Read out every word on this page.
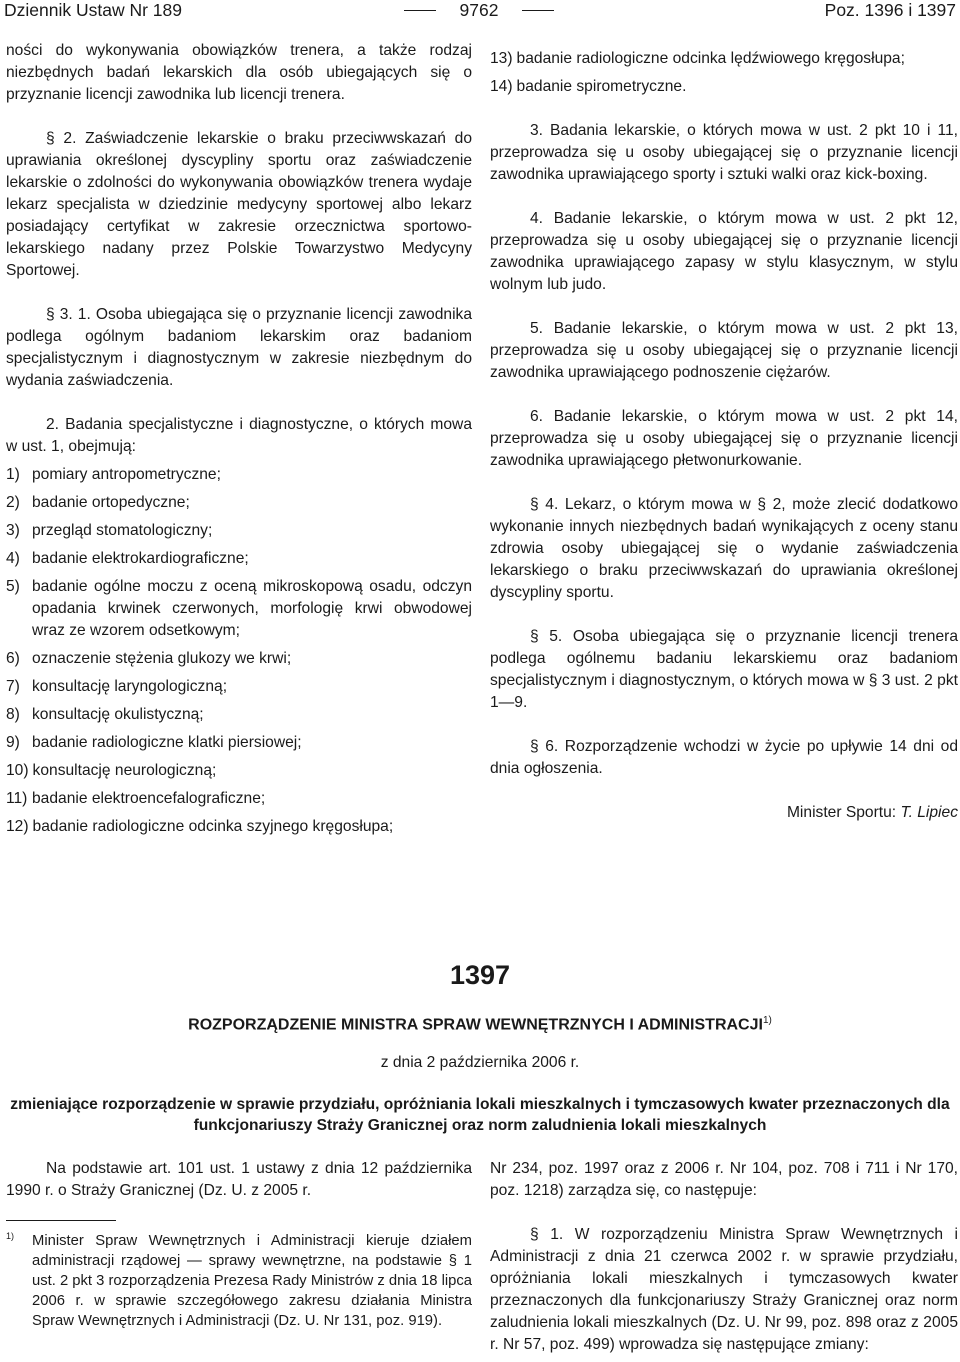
Dziennik Ustaw Nr 189	9762	Poz. 1396 i 1397
ności do wykonywania obowiązków trenera, a także rodzaj niezbędnych badań lekarskich dla osób ubiegających się o przyznanie licencji zawodnika lub licencji trenera.
§ 2. Zaświadczenie lekarskie o braku przeciwwskazań do uprawiania określonej dyscypliny sportu oraz zaświadczenie lekarskie o zdolności do wykonywania obowiązków trenera wydaje lekarz specjalista w dziedzinie medycyny sportowej albo lekarz posiadający certyfikat w zakresie orzecznictwa sportowo-lekarskiego nadany przez Polskie Towarzystwo Medycyny Sportowej.
§ 3. 1. Osoba ubiegająca się o przyznanie licencji zawodnika podlega ogólnym badaniom lekarskim oraz badaniom specjalistycznym i diagnostycznym w zakresie niezbędnym do wydania zaświadczenia.
2. Badania specjalistyczne i diagnostyczne, o których mowa w ust. 1, obejmują:
1) pomiary antropometryczne;
2) badanie ortopedyczne;
3) przegląd stomatologiczny;
4) badanie elektrokardiograficzne;
5) badanie ogólne moczu z oceną mikroskopową osadu, odczyn opadania krwinek czerwonych, morfologię krwi obwodowej wraz ze wzorem odsetkowym;
6) oznaczenie stężenia glukozy we krwi;
7) konsultację laryngologiczną;
8) konsultację okulistyczną;
9) badanie radiologiczne klatki piersiowej;
10) konsultację neurologiczną;
11) badanie elektroencefalograficzne;
12) badanie radiologiczne odcinka szyjnego kręgosłupa;
13) badanie radiologiczne odcinka lędźwiowego kręgosłupa;
14) badanie spirometryczne.
3. Badania lekarskie, o których mowa w ust. 2 pkt 10 i 11, przeprowadza się u osoby ubiegającej się o przyznanie licencji zawodnika uprawiającego sporty i sztuki walki oraz kick-boxing.
4. Badanie lekarskie, o którym mowa w ust. 2 pkt 12, przeprowadza się u osoby ubiegającej się o przyznanie licencji zawodnika uprawiającego zapasy w stylu klasycznym, w stylu wolnym lub judo.
5. Badanie lekarskie, o którym mowa w ust. 2 pkt 13, przeprowadza się u osoby ubiegającej się o przyznanie licencji zawodnika uprawiającego podnoszenie ciężarów.
6. Badanie lekarskie, o którym mowa w ust. 2 pkt 14, przeprowadza się u osoby ubiegającej się o przyznanie licencji zawodnika uprawiającego płetwonurkowanie.
§ 4. Lekarz, o którym mowa w § 2, może zlecić dodatkowo wykonanie innych niezbędnych badań wynikających z oceny stanu zdrowia osoby ubiegającej się o wydanie zaświadczenia lekarskiego o braku przeciwwskazań do uprawiania określonej dyscypliny sportu.
§ 5. Osoba ubiegająca się o przyznanie licencji trenera podlega ogólnemu badaniu lekarskiemu oraz badaniom specjalistycznym i diagnostycznym, o których mowa w § 3 ust. 2 pkt 1—9.
§ 6. Rozporządzenie wchodzi w życie po upływie 14 dni od dnia ogłoszenia.
Minister Sportu: T. Lipiec
1397
ROZPORZĄDZENIE MINISTRA SPRAW WEWNĘTRZNYCH I ADMINISTRACJI$^{1)}$
z dnia 2 października 2006 r.
zmieniające rozporządzenie w sprawie przydziału, opróżniania lokali mieszkalnych i tymczasowych kwater przeznaczonych dla funkcjonariuszy Straży Granicznej oraz norm zaludnienia lokali mieszkalnych
Na podstawie art. 101 ust. 1 ustawy z dnia 12 października 1990 r. o Straży Granicznej (Dz. U. z 2005 r.
$^{1)}$	Minister Spraw Wewnętrznych i Administracji kieruje działem administracji rządowej — sprawy wewnętrzne, na podstawie § 1 ust. 2 pkt 3 rozporządzenia Prezesa Rady Ministrów z dnia 18 lipca 2006 r. w sprawie szczegółowego zakresu działania Ministra Spraw Wewnętrznych i Administracji (Dz. U. Nr 131, poz. 919).
Nr 234, poz. 1997 oraz z 2006 r. Nr 104, poz. 708 i 711 i Nr 170, poz. 1218) zarządza się, co następuje:
§ 1. W rozporządzeniu Ministra Spraw Wewnętrznych i Administracji z dnia 21 czerwca 2002 r. w sprawie przydziału, opróżniania lokali mieszkalnych i tymczasowych kwater przeznaczonych dla funkcjonariuszy Straży Granicznej oraz norm zaludnienia lokali mieszkalnych (Dz. U. Nr 99, poz. 898 oraz z 2005 r. Nr 57, poz. 499) wprowadza się następujące zmiany:
